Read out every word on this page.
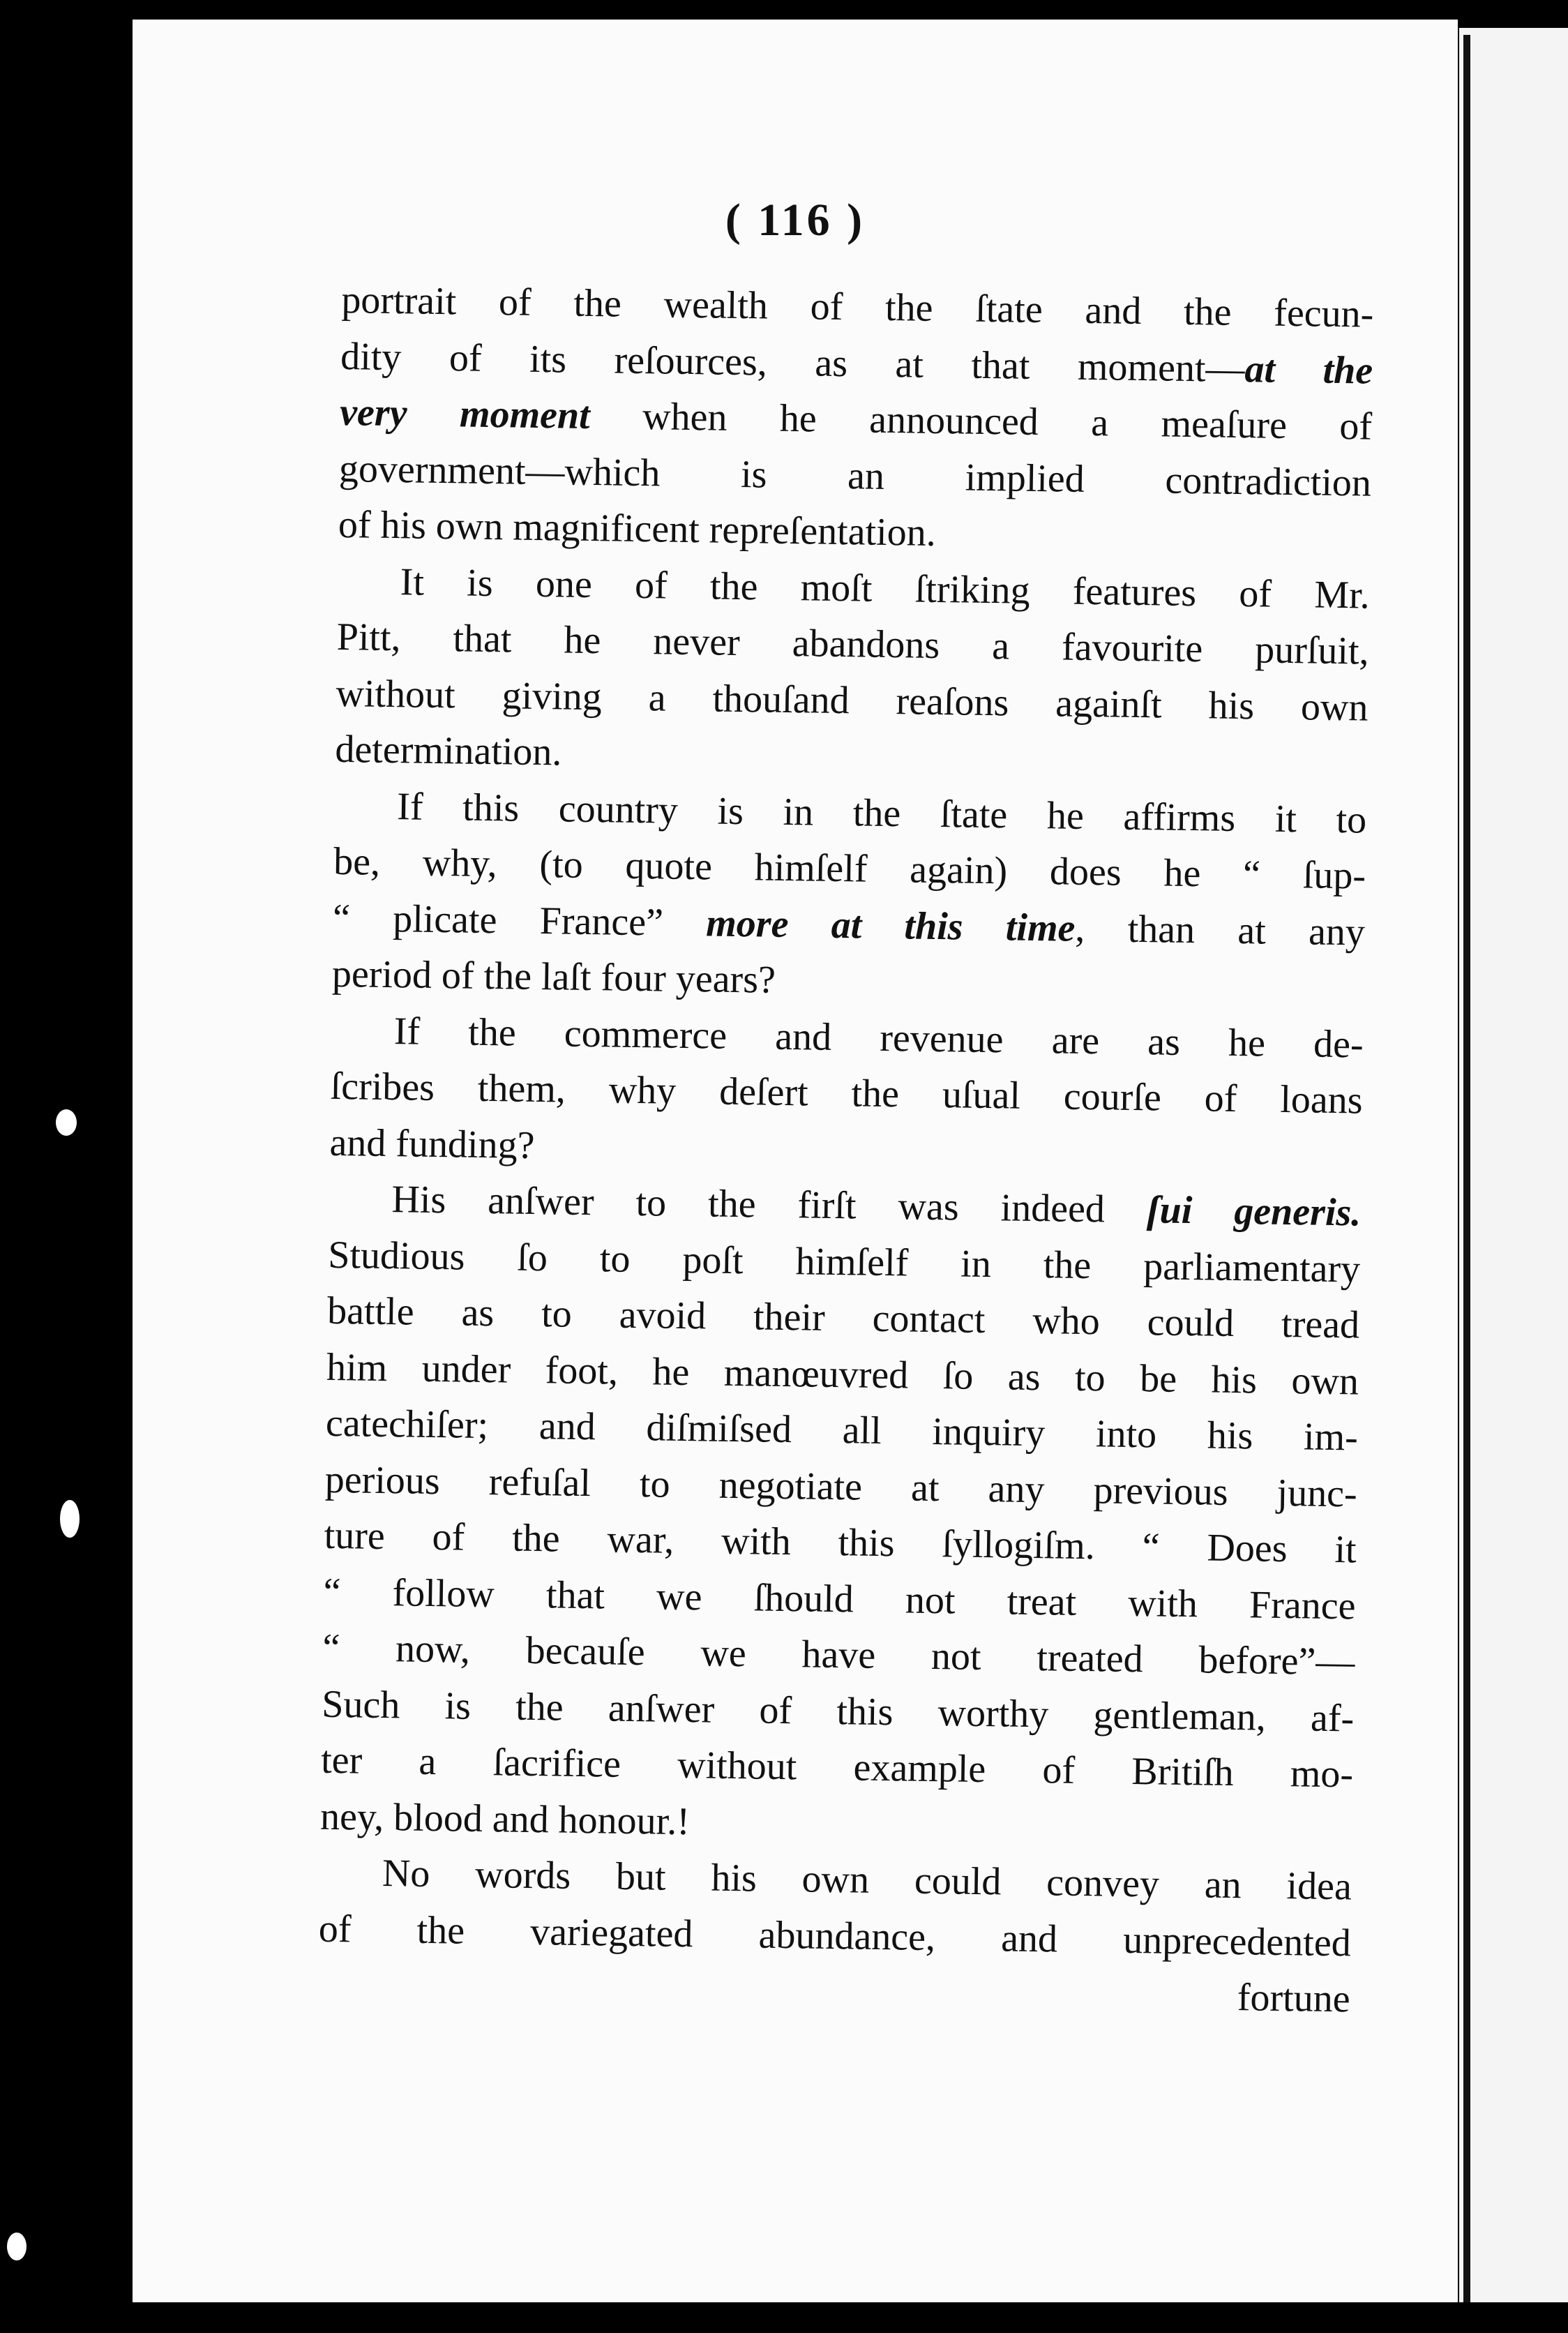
( 116 )
portrait of the wealth of the ſtate and the fecun-
dity of its reſources, as at that moment—at the
very moment when he announced a meaſure of
government—which is an implied contradiction
of his own magnificent repreſentation.
It is one of the moſt ſtriking features of Mr.
Pitt, that he never abandons a favourite purſuit,
without giving a thouſand reaſons againſt his own
determination.
If this country is in the ſtate he affirms it to
be, why, (to quote himſelf again) does he “ ſup-
“ plicate France” more at this time, than at any
period of the laſt four years?
If the commerce and revenue are as he de-
ſcribes them, why deſert the uſual courſe of loans
and funding?
His anſwer to the firſt was indeed ſui generis.
Studious ſo to poſt himſelf in the parliamentary
battle as to avoid their contact who could tread
him under foot, he manœuvred ſo as to be his own
catechiſer; and diſmiſsed all inquiry into his im-
perious refuſal to negotiate at any previous junc-
ture of the war, with this ſyllogiſm. “ Does it
“ follow that we ſhould not treat with France
“ now, becauſe we have not treated before”—
Such is the anſwer of this worthy gentleman, af-
ter a ſacrifice without example of Britiſh mo-
ney, blood and honour.!
No words but his own could convey an idea
of the variegated abundance, and unprecedented
fortune
